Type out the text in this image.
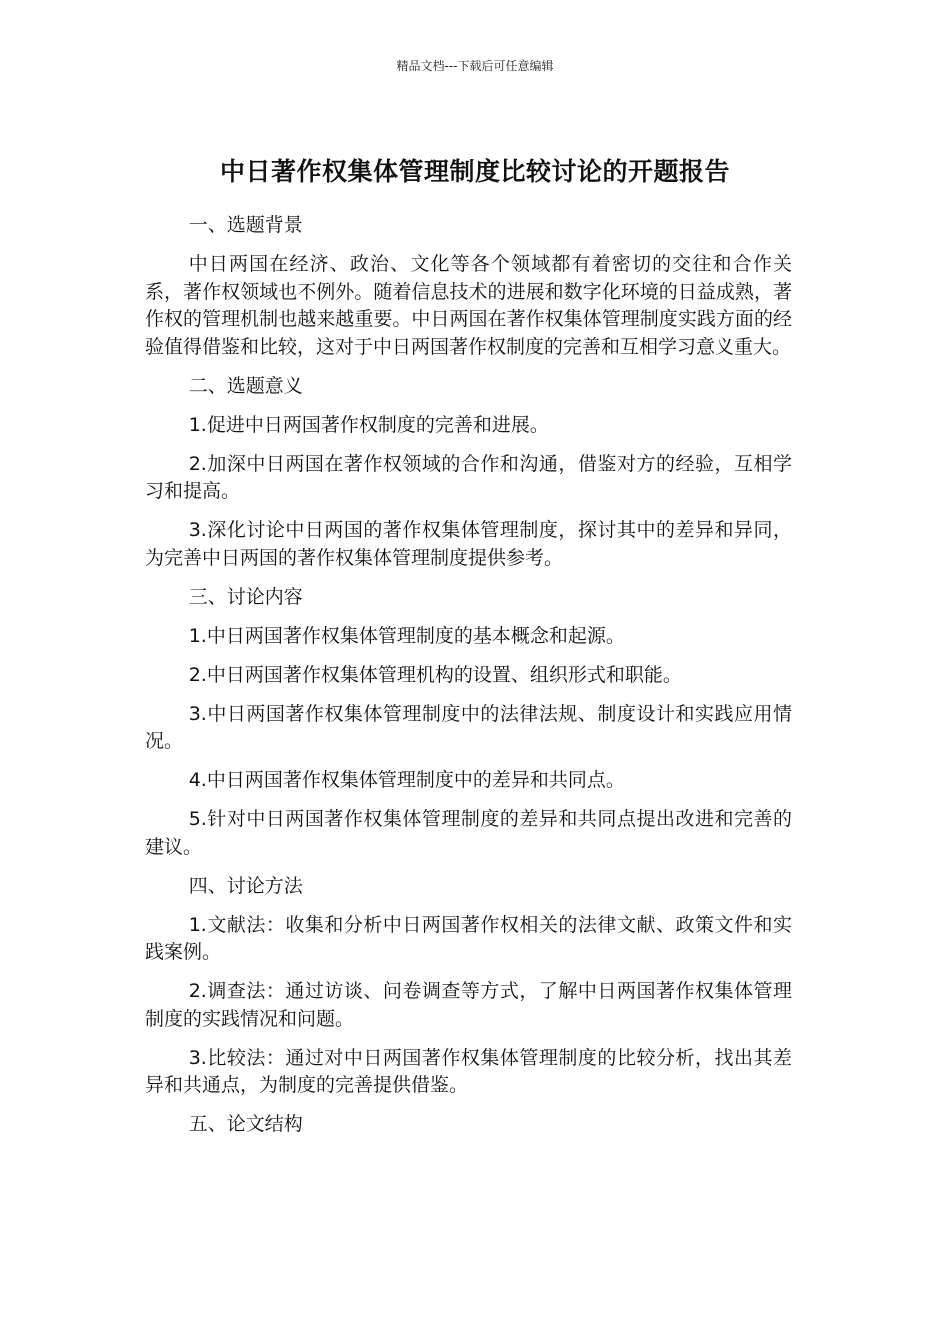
精品文档---下载后可任意编辑
中日著作权集体管理制度比较讨论的开题报告

一、选题背景

中日两国在经济、政治、文化等各个领域都有着密切的交往和合作关系，著作权领域也不例外。随着信息技术的进展和数字化环境的日益成熟，著作权的管理机制也越来越重要。中日两国在著作权集体管理制度实践方面的经验值得借鉴和比较，这对于中日两国著作权制度的完善和互相学习意义重大。

二、选题意义

1.促进中日两国著作权制度的完善和进展。

2.加深中日两国在著作权领域的合作和沟通，借鉴对方的经验，互相学习和提高。

3.深化讨论中日两国的著作权集体管理制度，探讨其中的差异和异同，为完善中日两国的著作权集体管理制度提供参考。

三、讨论内容

1.中日两国著作权集体管理制度的基本概念和起源。

2.中日两国著作权集体管理机构的设置、组织形式和职能。

3.中日两国著作权集体管理制度中的法律法规、制度设计和实践应用情况。

4.中日两国著作权集体管理制度中的差异和共同点。

5.针对中日两国著作权集体管理制度的差异和共同点提出改进和完善的建议。

四、讨论方法

1.文献法：收集和分析中日两国著作权相关的法律文献、政策文件和实践案例。

2.调查法：通过访谈、问卷调查等方式，了解中日两国著作权集体管理制度的实践情况和问题。

3.比较法：通过对中日两国著作权集体管理制度的比较分析，找出其差异和共通点，为制度的完善提供借鉴。

五、论文结构
